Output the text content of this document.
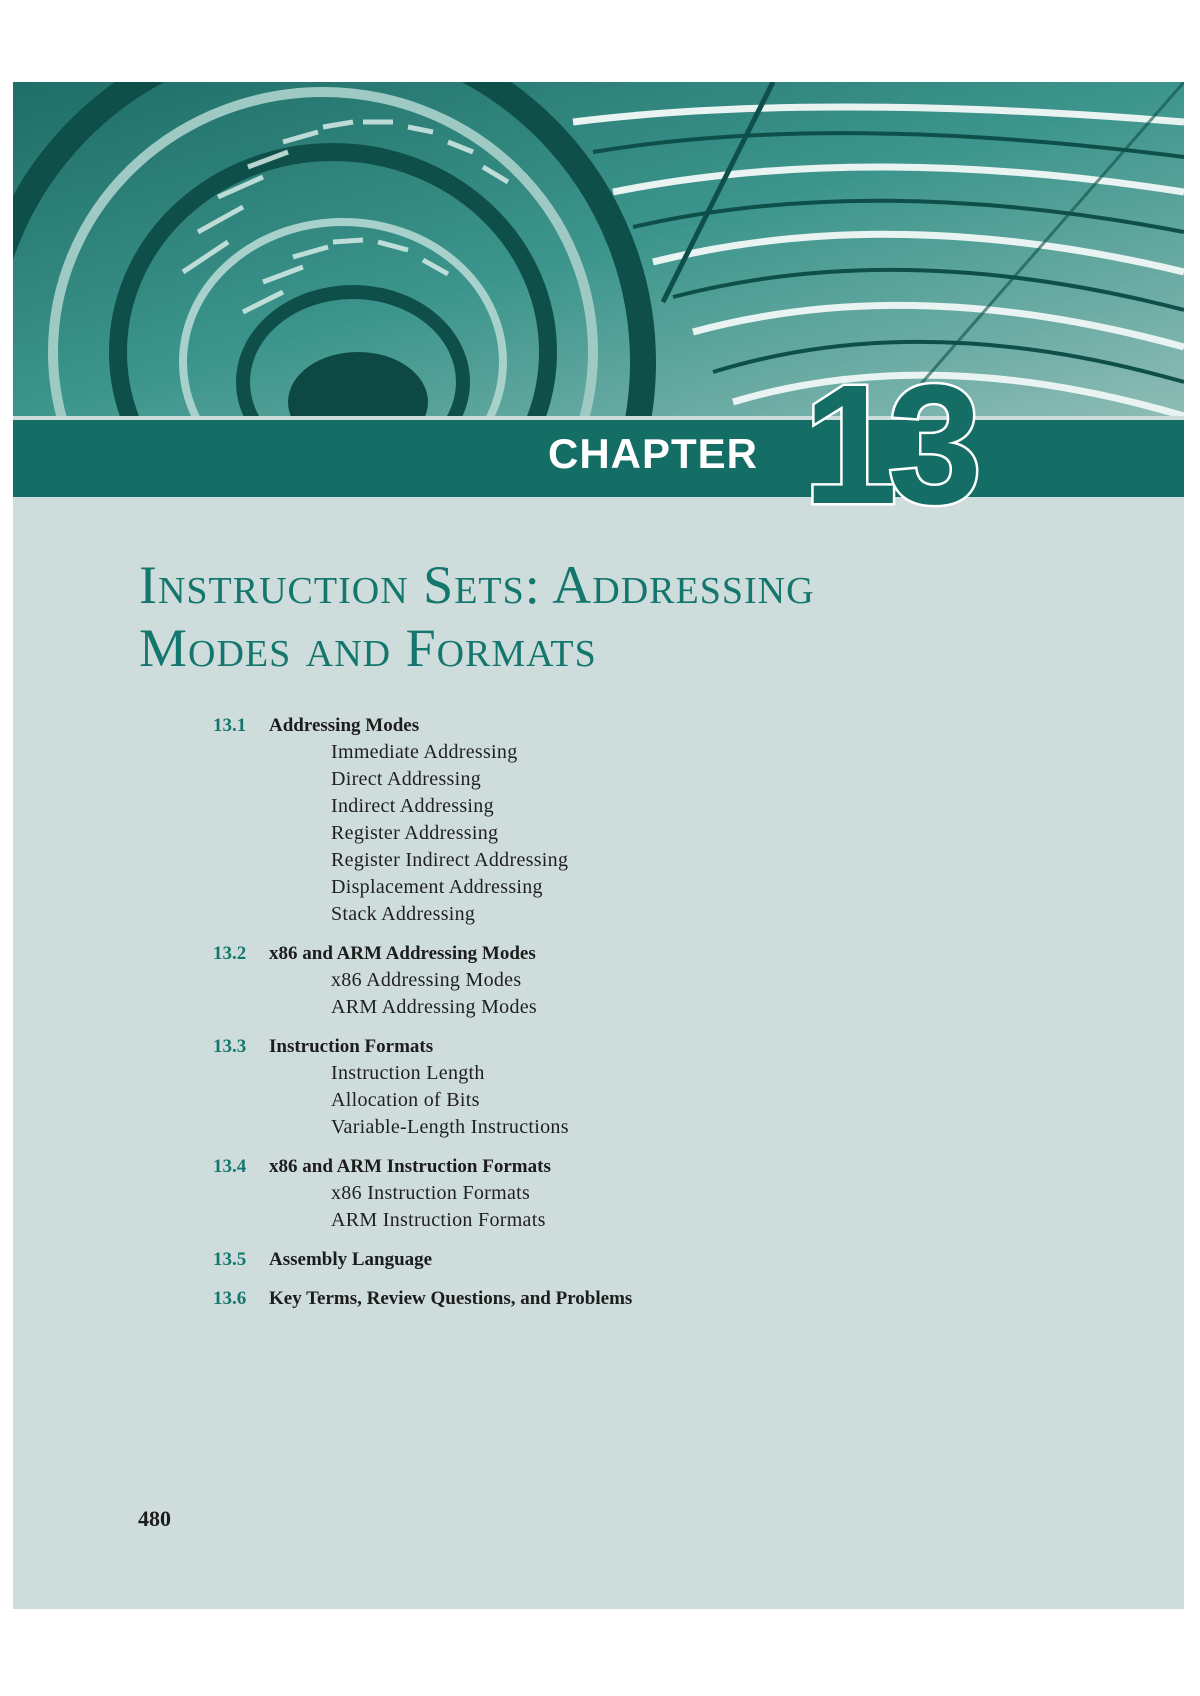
CHAPTER 13
Instruction Sets: Addressing
Modes and Formats
13.1 Addressing Modes
Immediate Addressing
Direct Addressing
Indirect Addressing
Register Addressing
Register Indirect Addressing
Displacement Addressing
Stack Addressing
13.2 x86 and ARM Addressing Modes
x86 Addressing Modes
ARM Addressing Modes
13.3 Instruction Formats
Instruction Length
Allocation of Bits
Variable-Length Instructions
13.4 x86 and ARM Instruction Formats
x86 Instruction Formats
ARM Instruction Formats
13.5 Assembly Language
13.6 Key Terms, Review Questions, and Problems
480
